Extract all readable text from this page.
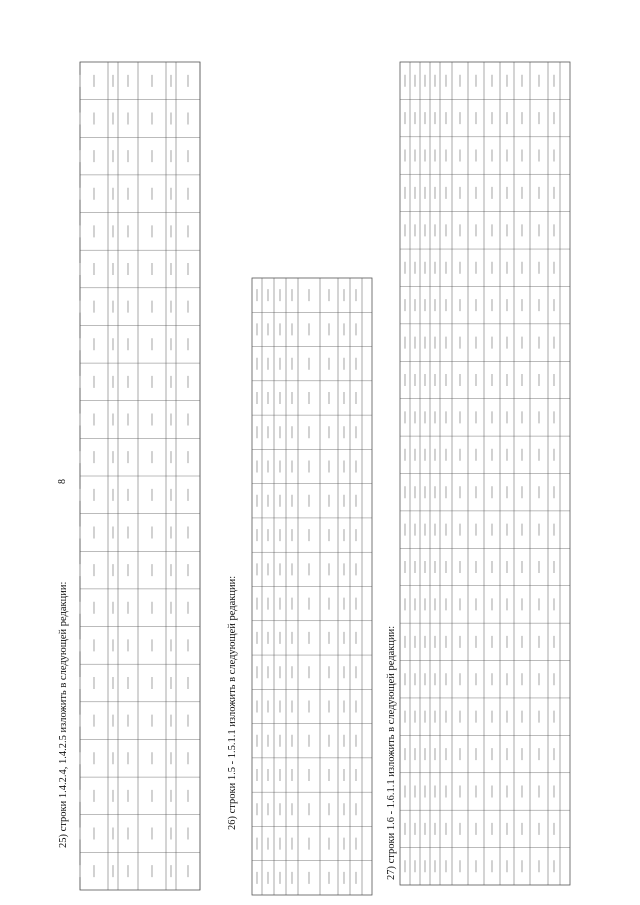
8
25) строки 1.4.2.4, 1.4.2.5 изложить в следующей редакции:	26) строки 1.5 - 1.5.1.1 изложить в следующей редакции:	27) строки 1.6 - 1.6.1.1 изложить в следующей редакции:
